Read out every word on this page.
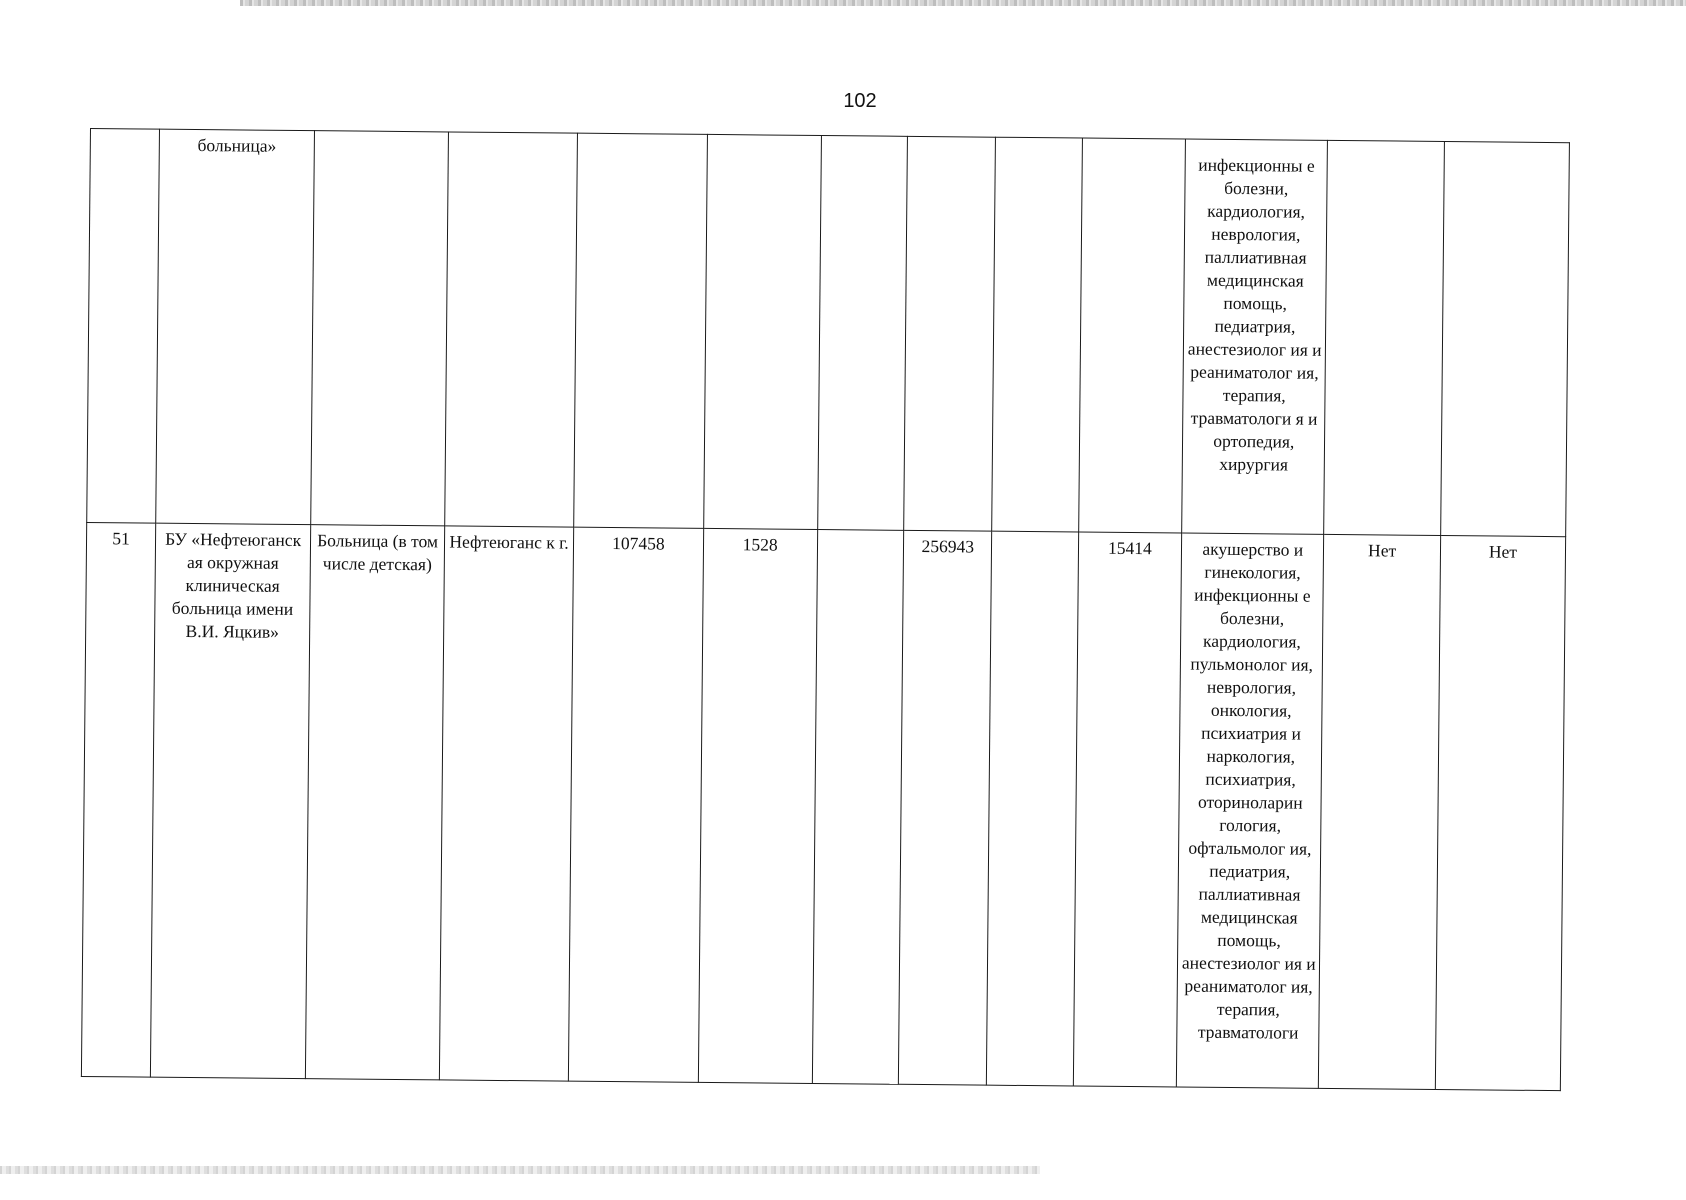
102
	больница»									инфекционны е болезни, кардиология, неврология, паллиативная медицинская помощь, педиатрия, анестезиолог ия и реаниматолог ия, терапия, травматологи я и ортопедия, хирургия		
51	БУ «Нефтеюганск ая окружная клиническая больница имени В.И. Яцкив»	Больница (в том числе детская)	Нефтеюганс к г.	107458	1528		256943		15414	акушерство и гинекология, инфекционны е болезни, кардиология, пульмонолог ия, неврология, онкология, психиатрия и наркология, психиатрия, оториноларин гология, офтальмолог ия, педиатрия, паллиативная медицинская помощь, анестезиолог ия и реаниматолог ия, терапия, травматологи	Нет	Нет
